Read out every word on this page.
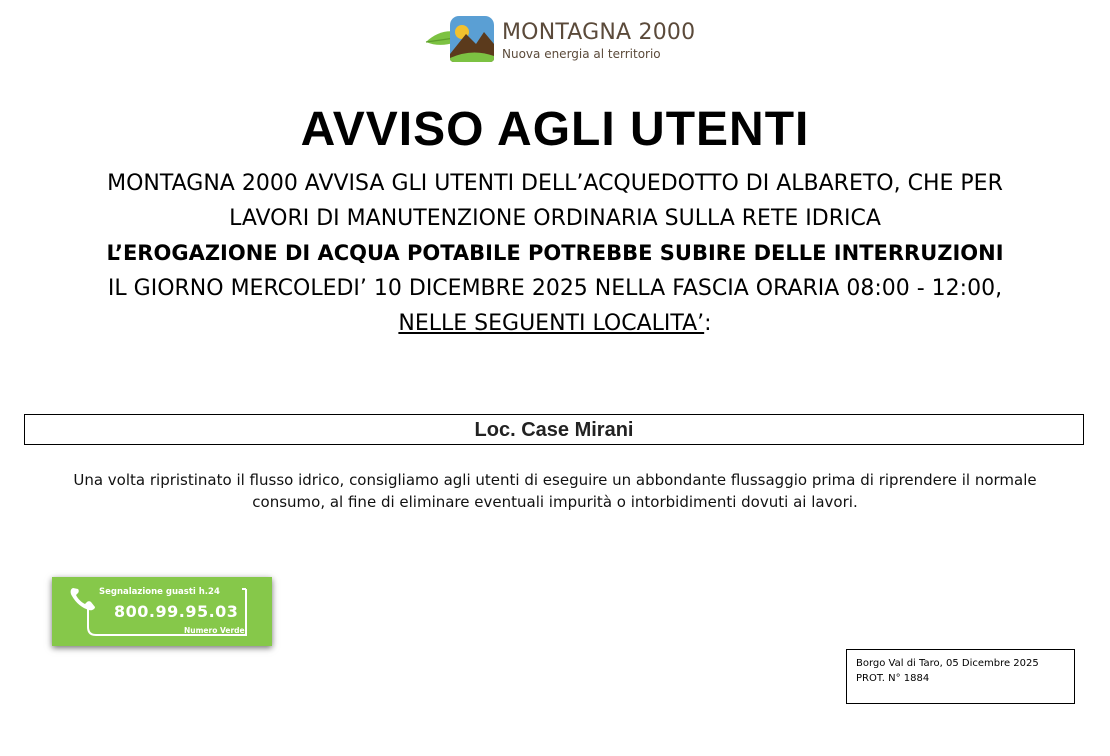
MONTAGNA 2000
Nuova energia al territorio
AVVISO AGLI UTENTI
MONTAGNA 2000 AVVISA GLI UTENTI DELL’ACQUEDOTTO DI ALBARETO, CHE PER
LAVORI DI MANUTENZIONE ORDINARIA SULLA RETE IDRICA
L’EROGAZIONE DI ACQUA POTABILE POTREBBE SUBIRE DELLE INTERRUZIONI
IL GIORNO MERCOLEDI’ 10 DICEMBRE 2025 NELLA FASCIA ORARIA 08:00 - 12:00,
NELLE SEGUENTI LOCALITA’:
Loc. Case Mirani
Una volta ripristinato il flusso idrico, consigliamo agli utenti di eseguire un abbondante flussaggio prima di riprendere il normale
consumo, al fine di eliminare eventuali impurità o intorbidimenti dovuti ai lavori.
Segnalazione guasti h.24
800.99.95.03
Numero Verde
Borgo Val di Taro, 05 Dicembre 2025
PROT. N° 1884
